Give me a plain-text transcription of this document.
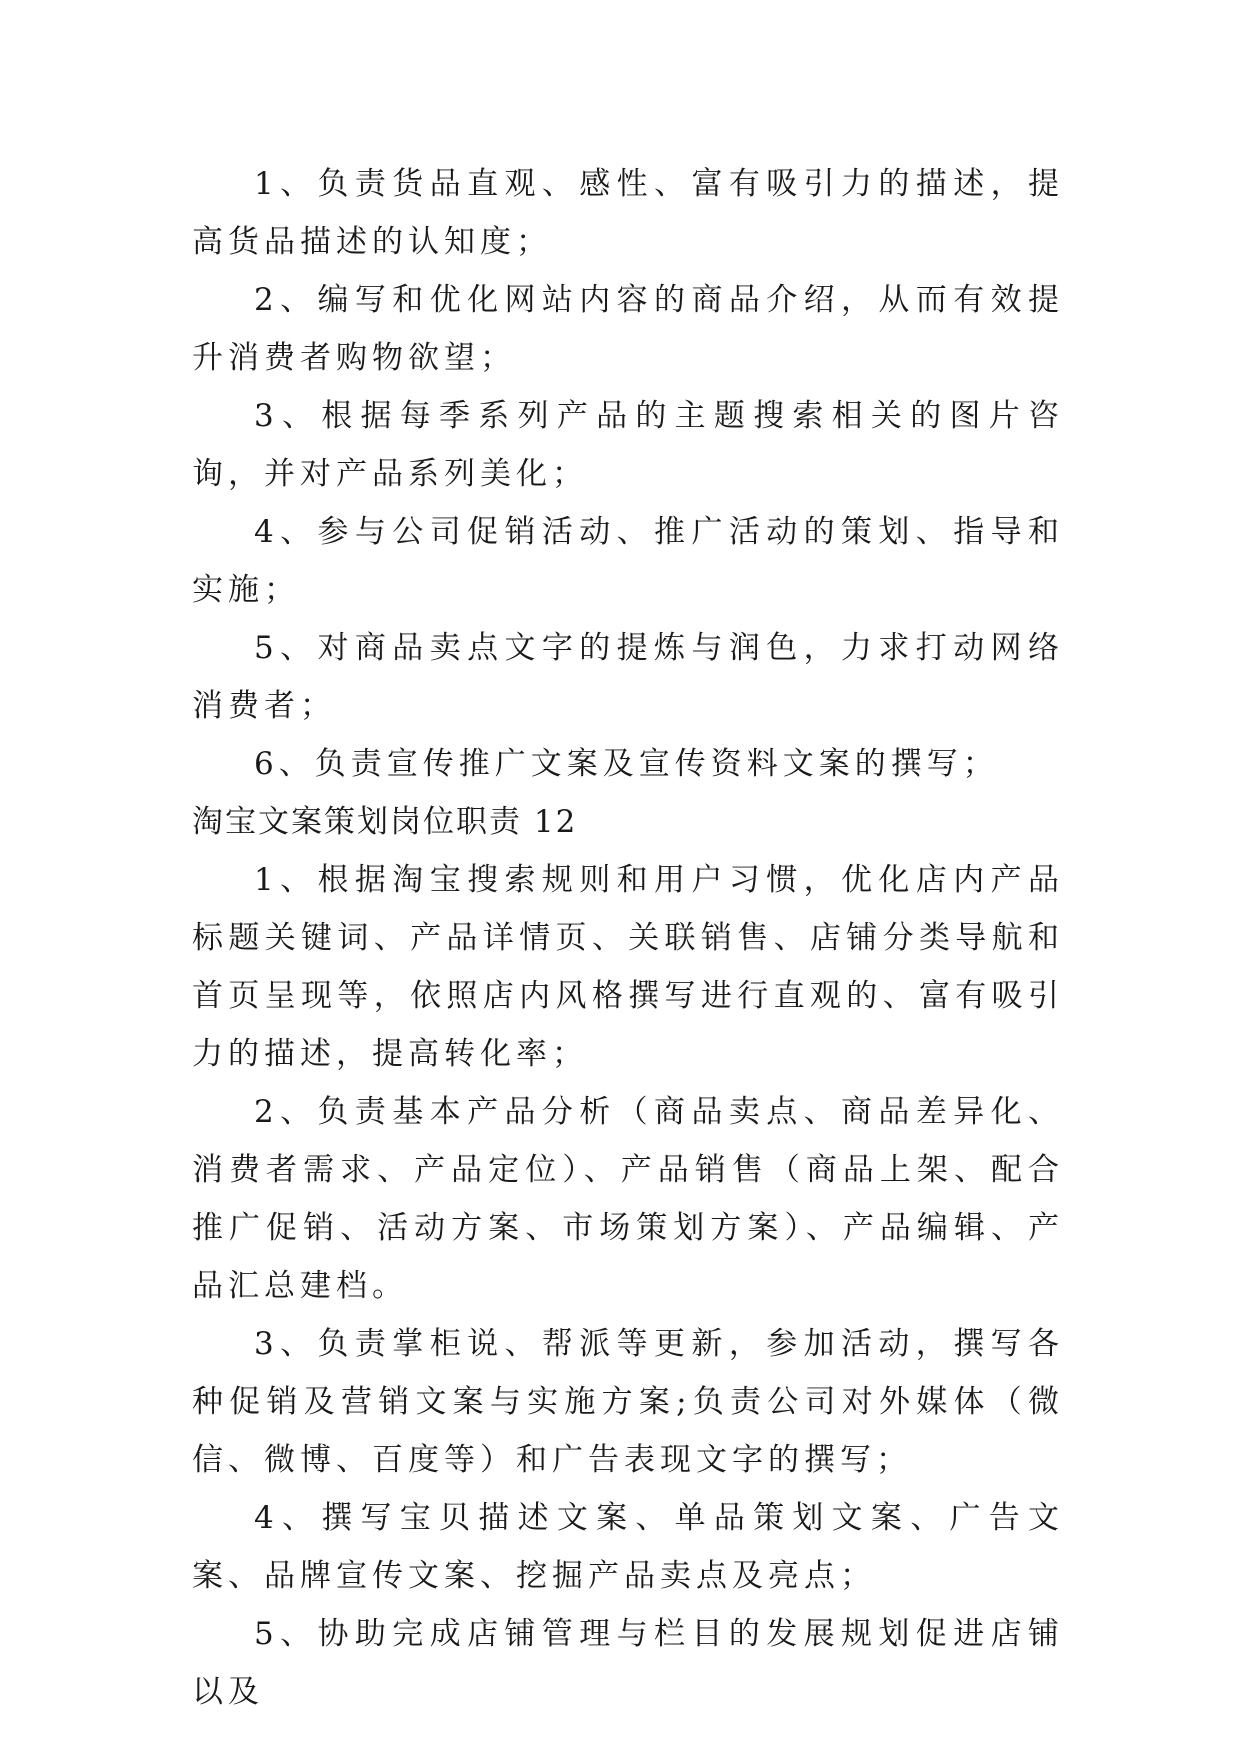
1、负责货品直观、感性、富有吸引力的描述，提高货品描述的认知度；

2、编写和优化网站内容的商品介绍，从而有效提升消费者购物欲望；

3、根据每季系列产品的主题搜索相关的图片咨询，并对产品系列美化；

4、参与公司促销活动、推广活动的策划、指导和实施；

5、对商品卖点文字的提炼与润色，力求打动网络消费者；

6、负责宣传推广文案及宣传资料文案的撰写；

淘宝文案策划岗位职责 12

1、根据淘宝搜索规则和用户习惯，优化店内产品标题关键词、产品详情页、关联销售、店铺分类导航和首页呈现等，依照店内风格撰写进行直观的、富有吸引力的描述，提高转化率；

2、负责基本产品分析（商品卖点、商品差异化、消费者需求、产品定位）、产品销售（商品上架、配合推广促销、活动方案、市场策划方案）、产品编辑、产品汇总建档。

3、负责掌柜说、帮派等更新，参加活动，撰写各种促销及营销文案与实施方案;负责公司对外媒体（微信、微博、百度等）和广告表现文字的撰写；

4、撰写宝贝描述文案、单品策划文案、广告文案、品牌宣传文案、挖掘产品卖点及亮点；

5、协助完成店铺管理与栏目的发展规划促进店铺以及
